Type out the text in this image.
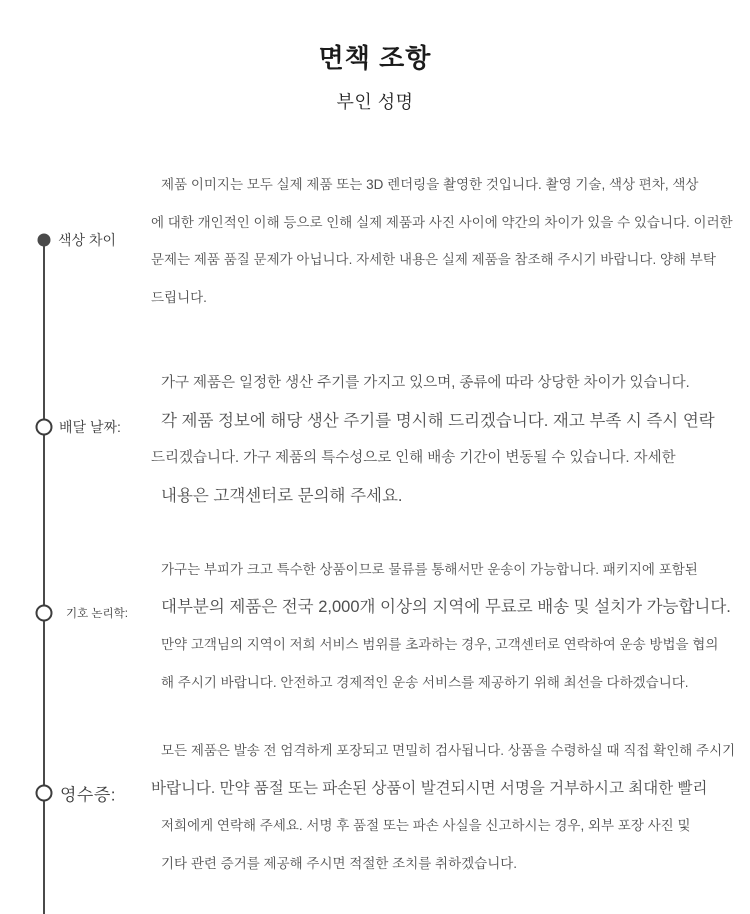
면책 조항
부인 성명
색상 차이
제품 이미지는 모두 실제 제품 또는 3D 렌더링을 촬영한 것입니다. 촬영 기술, 색상 편차, 색상
에 대한 개인적인 이해 등으로 인해 실제 제품과 사진 사이에 약간의 차이가 있을 수 있습니다. 이러한
문제는 제품 품질 문제가 아닙니다. 자세한 내용은 실제 제품을 참조해 주시기 바랍니다. 양해 부탁
드립니다.
배달 날짜:
가구 제품은 일정한 생산 주기를 가지고 있으며, 종류에 따라 상당한 차이가 있습니다.
각 제품 정보에 해당 생산 주기를 명시해 드리겠습니다. 재고 부족 시 즉시 연락
드리겠습니다. 가구 제품의 특수성으로 인해 배송 기간이 변동될 수 있습니다. 자세한
내용은 고객센터로 문의해 주세요.
기호 논리학:
가구는 부피가 크고 특수한 상품이므로 물류를 통해서만 운송이 가능합니다. 패키지에 포함된
대부분의 제품은 전국 2,000개 이상의 지역에 무료로 배송 및 설치가 가능합니다.
만약 고객님의 지역이 저희 서비스 범위를 초과하는 경우, 고객센터로 연락하여 운송 방법을 협의
해 주시기 바랍니다. 안전하고 경제적인 운송 서비스를 제공하기 위해 최선을 다하겠습니다.
영수증:
모든 제품은 발송 전 엄격하게 포장되고 면밀히 검사됩니다. 상품을 수령하실 때 직접 확인해 주시기
바랍니다. 만약 품절 또는 파손된 상품이 발견되시면 서명을 거부하시고 최대한 빨리
저희에게 연락해 주세요. 서명 후 품절 또는 파손 사실을 신고하시는 경우, 외부 포장 사진 및
기타 관련 증거를 제공해 주시면 적절한 조치를 취하겠습니다.
